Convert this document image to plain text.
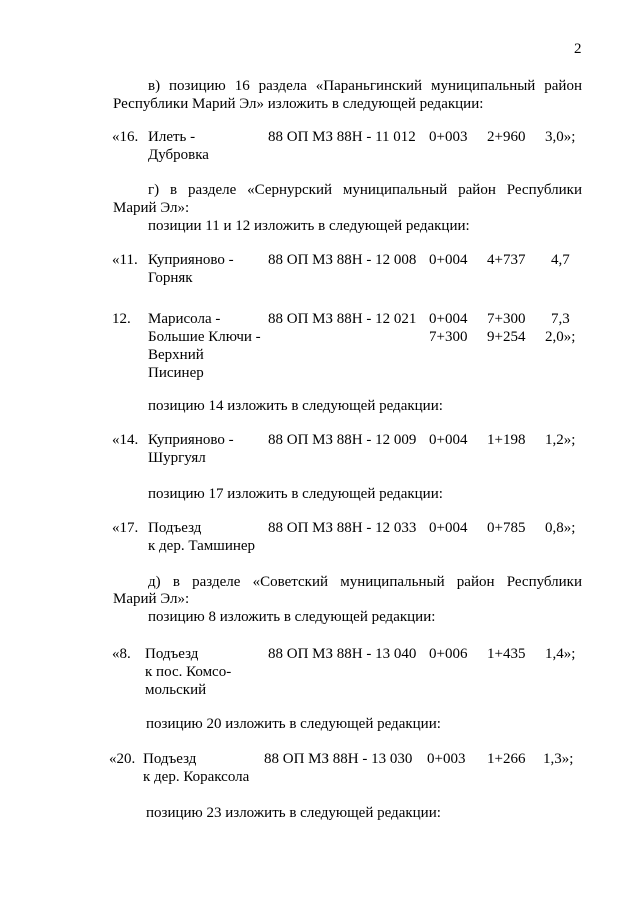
2
в) позицию 16 раздела «Параньгинский муниципальный район
Республики Марий Эл» изложить в следующей редакции:
«16. Илеть -
Дубровка
88 ОП МЗ 88Н - 11 012 0+003 2+960 3,0»;
г) в разделе «Сернурский муниципальный район Республики
Марий Эл»:
позиции 11 и 12 изложить в следующей редакции:
«11. Куприяново -
Горняк
88 ОП МЗ 88Н - 12 008 0+004 4+737 4,7
12. Марисола -
Большие Ключи -
Верхний
Писинер
88 ОП МЗ 88Н - 12 021 0+004
7+300
7+300
9+254
7,3
2,0»;
позицию 14 изложить в следующей редакции:
«14. Куприяново -
Шургуял
88 ОП МЗ 88Н - 12 009 0+004 1+198 1,2»;
позицию 17 изложить в следующей редакции:
«17. Подъезд
к дер. Тамшинер
88 ОП МЗ 88Н - 12 033 0+004 0+785 0,8»;
д) в разделе «Советский муниципальный район Республики
Марий Эл»:
позицию 8 изложить в следующей редакции:
«8. Подъезд
к пос. Комсо-
мольский
88 ОП МЗ 88Н - 13 040 0+006 1+435 1,4»;
позицию 20 изложить в следующей редакции:
«20. Подъезд
к дер. Кораксола
88 ОП МЗ 88Н - 13 030 0+003 1+266 1,3»;
позицию 23 изложить в следующей редакции:
